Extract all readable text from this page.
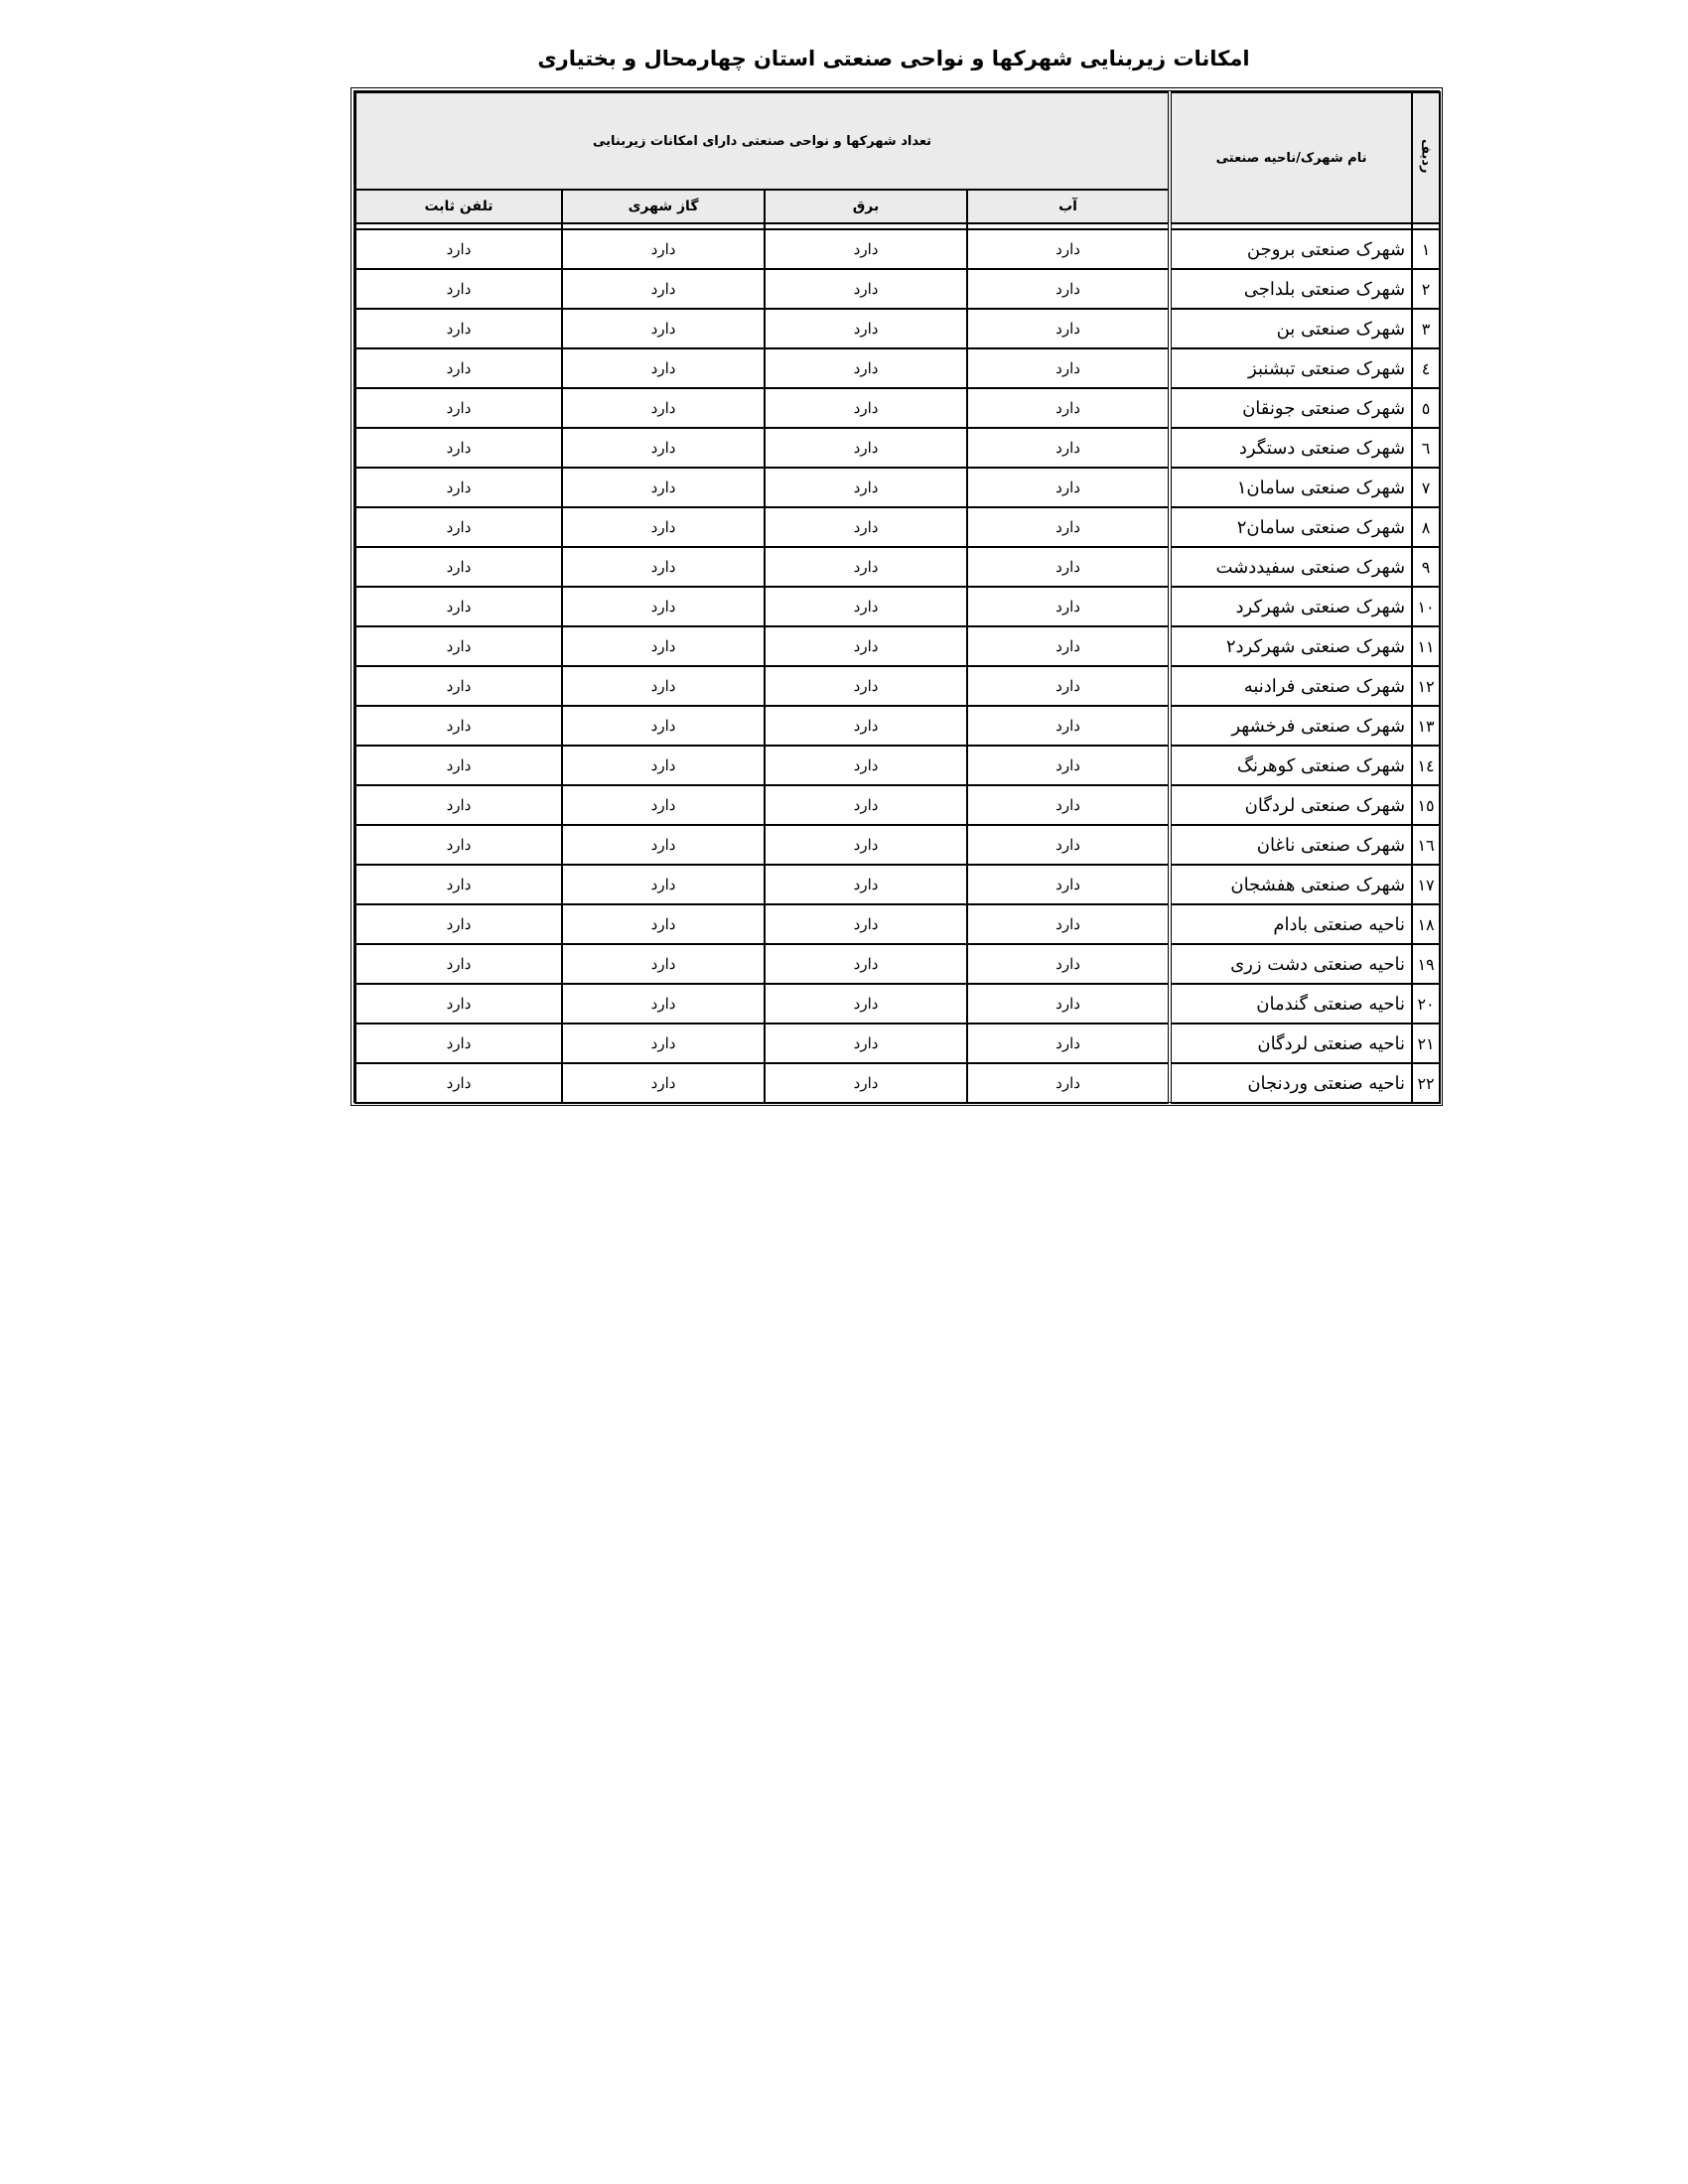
امکانات زیربنایی شهرکها و نواحی صنعتی استان چهارمحال و بختیاری
ردیف	نام شهرک/ناحیه صنعتی	تعداد شهرکها و نواحی صنعتی دارای امکانات زیربنایی			
		آب	برق	گاز شهری	تلفن ثابت

۱	شهرک صنعتی بروجن	دارد	دارد	دارد	دارد
۲	شهرک صنعتی بلداجی	دارد	دارد	دارد	دارد
۳	شهرک صنعتی بن	دارد	دارد	دارد	دارد
٤	شهرک صنعتی تبشنبز	دارد	دارد	دارد	دارد
٥	شهرک صنعتی جونقان	دارد	دارد	دارد	دارد
٦	شهرک صنعتی دستگرد	دارد	دارد	دارد	دارد
۷	شهرک صنعتی سامان۱	دارد	دارد	دارد	دارد
۸	شهرک صنعتی سامان۲	دارد	دارد	دارد	دارد
۹	شهرک صنعتی سفیددشت	دارد	دارد	دارد	دارد
۱۰	شهرک صنعتی شهرکرد	دارد	دارد	دارد	دارد
۱۱	شهرک صنعتی شهرکرد۲	دارد	دارد	دارد	دارد
۱۲	شهرک صنعتی فرادنبه	دارد	دارد	دارد	دارد
۱۳	شهرک صنعتی فرخشهر	دارد	دارد	دارد	دارد
۱٤	شهرک صنعتی کوهرنگ	دارد	دارد	دارد	دارد
۱٥	شهرک صنعتی لردگان	دارد	دارد	دارد	دارد
۱٦	شهرک صنعتی ناغان	دارد	دارد	دارد	دارد
۱۷	شهرک صنعتی هفشجان	دارد	دارد	دارد	دارد
۱۸	ناحیه صنعتی بادام	دارد	دارد	دارد	دارد
۱۹	ناحیه صنعتی دشت زری	دارد	دارد	دارد	دارد
۲۰	ناحیه صنعتی گندمان	دارد	دارد	دارد	دارد
۲۱	ناحیه صنعتی لردگان	دارد	دارد	دارد	دارد
۲۲	ناحیه صنعتی وردنجان	دارد	دارد	دارد	دارد
